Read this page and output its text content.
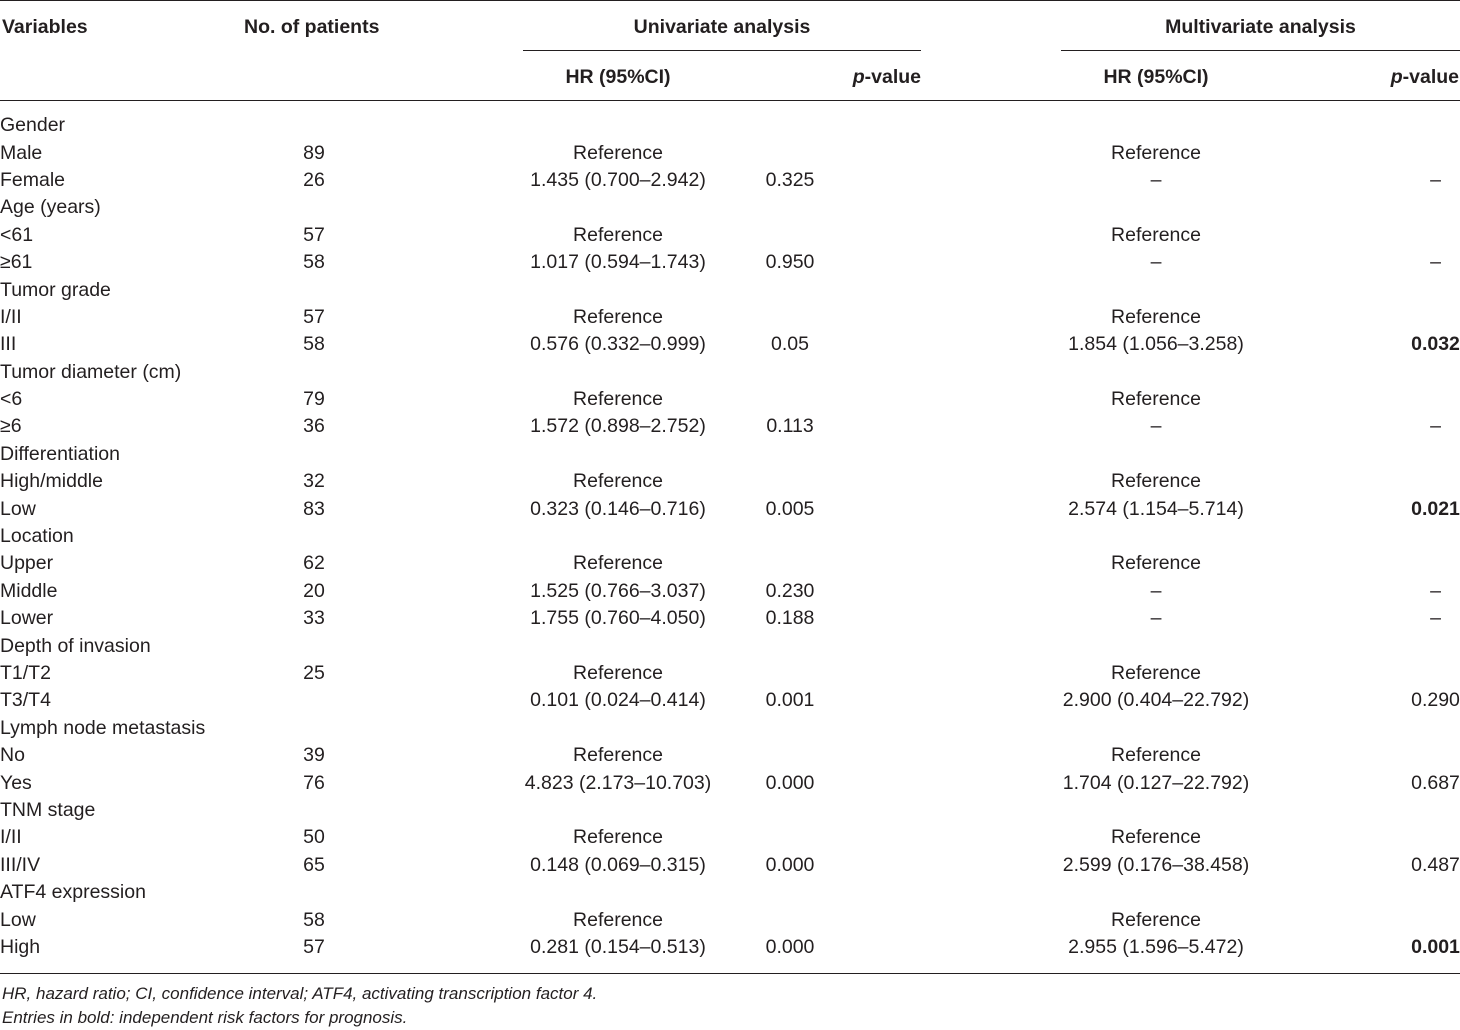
Variables	No. of patients	Univariate analysis	Multivariate analysis
HR (95%CI)	p-value	HR (95%CI)	p-value
Gender								
Male	89		Reference			Reference		
Female	26		1.435 (0.700–2.942)	0.325		–		–
Age (years)								
<61	57		Reference			Reference		
≥61	58		1.017 (0.594–1.743)	0.950		–		–
Tumor grade								
I/II	57		Reference			Reference		
III	58		0.576 (0.332–0.999)	0.05		1.854 (1.056–3.258)		0.032
Tumor diameter (cm)								
<6	79		Reference			Reference		
≥6	36		1.572 (0.898–2.752)	0.113		–		–
Differentiation								
High/middle	32		Reference			Reference		
Low	83		0.323 (0.146–0.716)	0.005		2.574 (1.154–5.714)		0.021
Location								
Upper	62		Reference			Reference		
Middle	20		1.525 (0.766–3.037)	0.230		–		–
Lower	33		1.755 (0.760–4.050)	0.188		–		–
Depth of invasion								
T1/T2	25		Reference			Reference		
T3/T4			0.101 (0.024–0.414)	0.001		2.900 (0.404–22.792)		0.290
Lymph node metastasis								
No	39		Reference			Reference		
Yes	76		4.823 (2.173–10.703)	0.000		1.704 (0.127–22.792)		0.687
TNM stage								
I/II	50		Reference			Reference		
III/IV	65		0.148 (0.069–0.315)	0.000		2.599 (0.176–38.458)		0.487
ATF4 expression								
Low	58		Reference			Reference		
High	57		0.281 (0.154–0.513)	0.000		2.955 (1.596–5.472)		0.001
HR, hazard ratio; CI, confidence interval; ATF4, activating transcription factor 4.
Entries in bold: independent risk factors for prognosis.
